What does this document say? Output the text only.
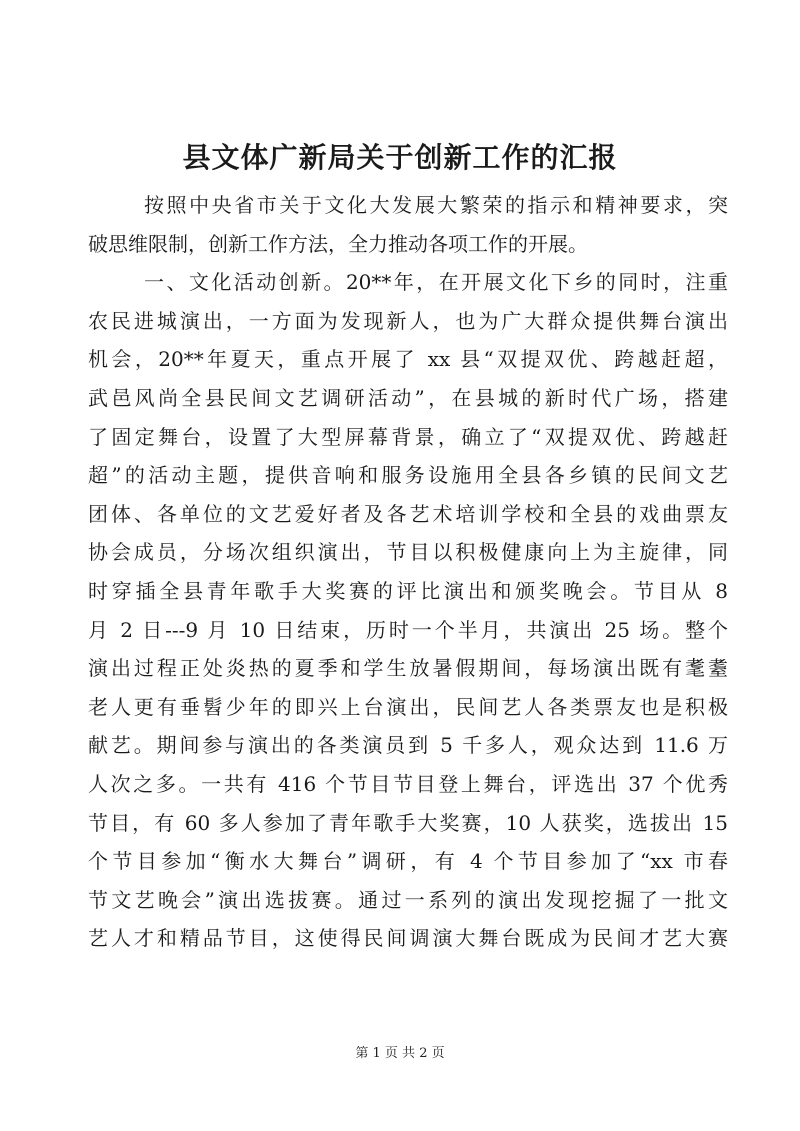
县文体广新局关于创新工作的汇报
按照中央省市关于文化大发展大繁荣的指示和精神要求，突
破思维限制，创新工作方法，全力推动各项工作的开展。
一、文化活动创新。20**年，在开展文化下乡的同时，注重
农民进城演出，一方面为发现新人，也为广大群众提供舞台演出
机会，20**年夏天，重点开展了 xx 县“双提双优、跨越赶超，
武邑风尚全县民间文艺调研活动”，在县城的新时代广场，搭建
了固定舞台，设置了大型屏幕背景，确立了“双提双优、跨越赶
超”的活动主题，提供音响和服务设施用全县各乡镇的民间文艺
团体、各单位的文艺爱好者及各艺术培训学校和全县的戏曲票友
协会成员，分场次组织演出，节目以积极健康向上为主旋律，同
时穿插全县青年歌手大奖赛的评比演出和颁奖晚会。节目从 8
月 2 日---9 月 10 日结束，历时一个半月，共演出 25 场。整个
演出过程正处炎热的夏季和学生放暑假期间，每场演出既有耄耋
老人更有垂髫少年的即兴上台演出，民间艺人各类票友也是积极
献艺。期间参与演出的各类演员到 5 千多人，观众达到 11.6 万
人次之多。一共有 416 个节目节目登上舞台，评选出 37 个优秀
节目，有 60 多人参加了青年歌手大奖赛，10 人获奖，选拔出 15
个节目参加“衡水大舞台”调研，有 4 个节目参加了“xx 市春
节文艺晚会”演出选拔赛。通过一系列的演出发现挖掘了一批文
艺人才和精品节目，这使得民间调演大舞台既成为民间才艺大赛
第 1 页 共 2 页
